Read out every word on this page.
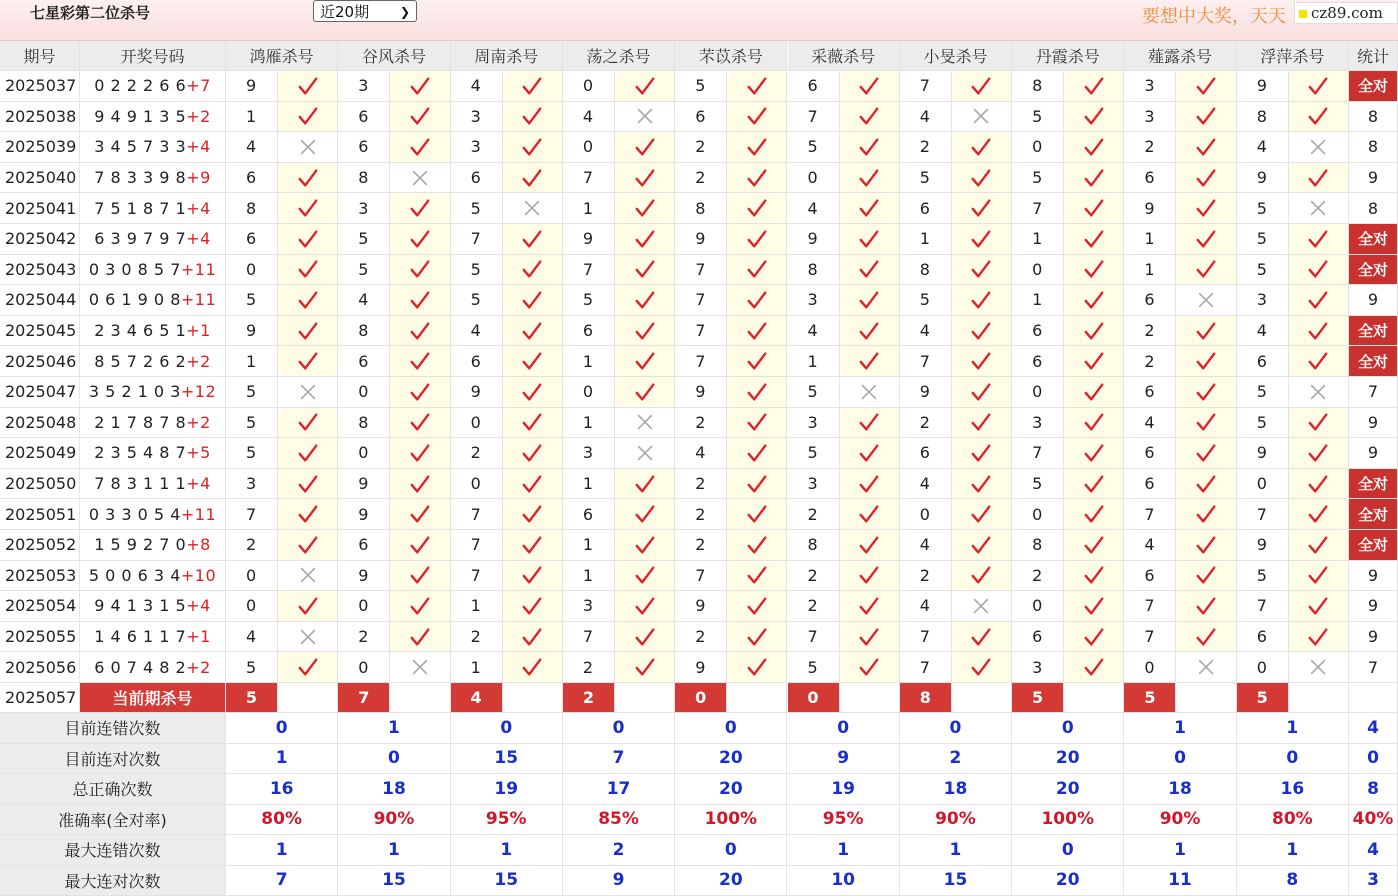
七星彩第二位杀号	近20期	❯	要想中大奖，天天	cz89.com
期号	开奖号码	鸿雁杀号	谷风杀号	周南杀号	荡之杀号	芣苡杀号	采薇杀号	小旻杀号	丹霞杀号	薤露杀号	浮萍杀号 统计
2025037 0 2 2 2 6 6 +7 9	3	4	0	5	6	7	8	3	9	全对
2025038 9 4 9 1 3 5 +2 1	6	3	4	6	7	4	5	3	8	8
2025039 3 4 5 7 3 3 +4 4	6	3	0	2	5	2	0	2	4	8
2025040 7 8 3 3 9 8 +9 6	8	6	7	2	0	5	5	6	9	9
2025041 7 5 1 8 7 1 +4 8	3	5	1	8	4	6	7	9	5	8
2025042 6 3 9 7 9 7 +4 6	5	7	9	9	9	1	1	1	5	全对
2025043 0 3 0 8 5 7 +11 0	5	5	7	7	8	8	0	1	5	全对
2025044 0 6 1 9 0 8 +11 5	4	5	5	7	3	5	1	6	3	9
2025045 2 3 4 6 5 1 +1 9	8	4	6	7	4	4	6	2	4	全对
2025046 8 5 7 2 6 2 +2 1	6	6	1	7	1	7	6	2	6	全对
2025047 3 5 2 1 0 3 +12 5	0	9	0	9	5	9	0	6	5	7
2025048 2 1 7 8 7 8 +2 5	8	0	1	2	3	2	3	4	5	9
2025049 2 3 5 4 8 7 +5 5	0	2	3	4	5	6	7	6	9	9
2025050 7 8 3 1 1 1 +4 3	9	0	1	2	3	4	5	6	0	全对
2025051 0 3 3 0 5 4 +11 7	9	7	6	2	2	0	0	7	7	全对
2025052 1 5 9 2 7 0 +8 2	6	7	1	2	8	4	8	4	9	全对
2025053 5 0 0 6 3 4 +10 0	9	7	1	7	2	2	2	6	5	9
2025054 9 4 1 3 1 5 +4 0	0	1	3	9	2	4	0	7	7	9
2025055 1 4 6 1 1 7 +1 4	2	2	7	2	7	7	6	7	6	9
2025056 6 0 7 4 8 2 +2 5	0	1	2	9	5	7	3	0	0	7
2025057 当前期杀号	5	7	4	2	0	0	8	5	5	5
目前连错次数	0	1	0	0	0	0	0	0	1	1	4
目前连对次数	1	0	15	7	20	9	2	20	0	0	0
总正确次数	16	18	19	17	20	19	18	20	18	16	8
准确率(全对率)	80%	90%	95%	85%	100%	95%	90%	100%	90%	80% 40%
最大连错次数	1	1	1	2	0	1	1	0	1	1	4
最大连对次数	7	15	15	9	20	10	15	20	11	8	3
